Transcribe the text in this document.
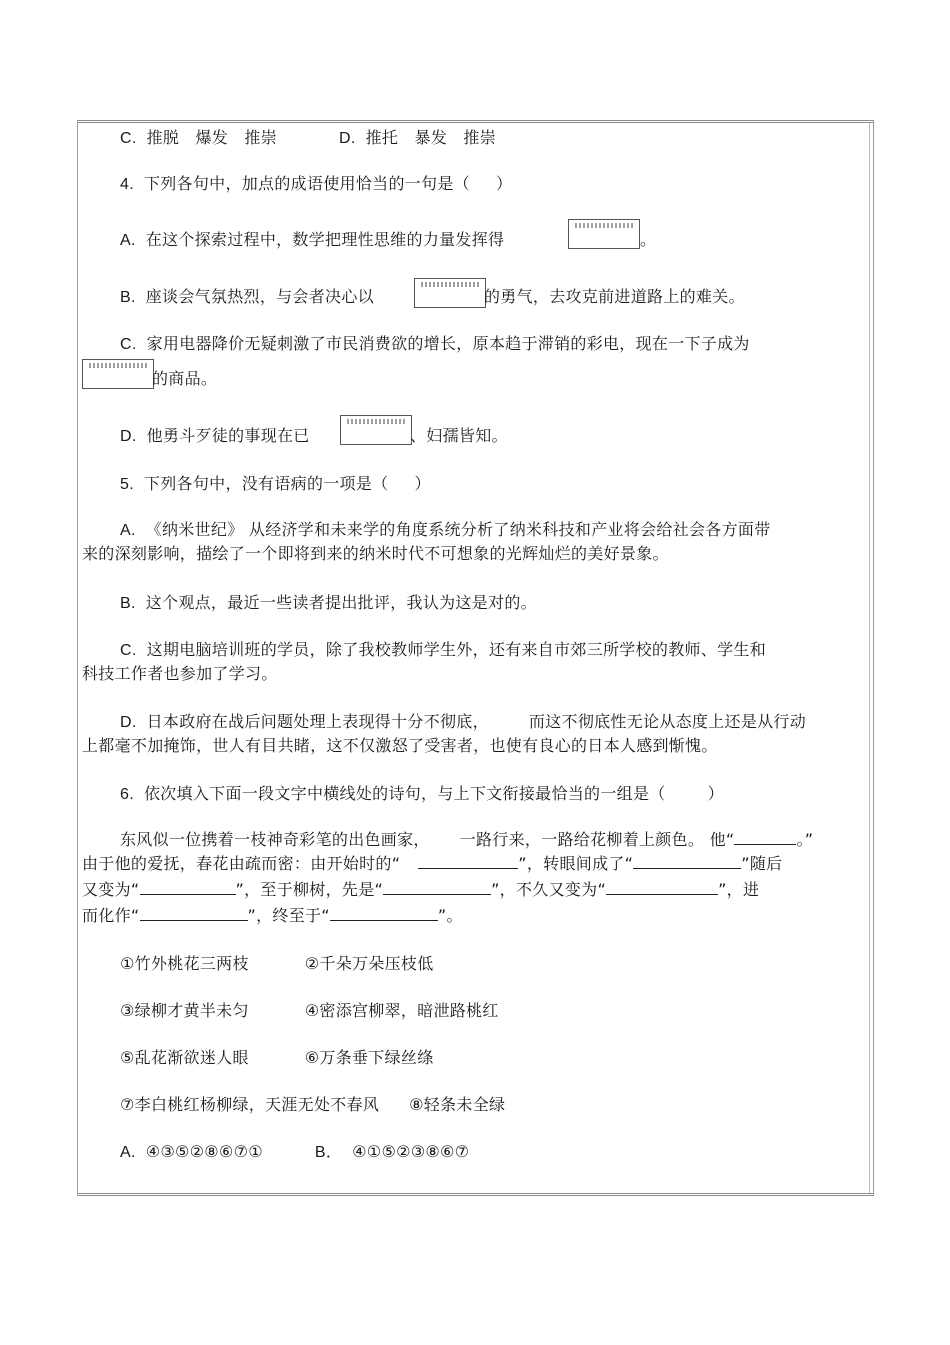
C. 推脱　爆发　推崇	D. 推托　暴发　推崇
4. 下列各句中，加点的成语使用恰当的一句是（ ）
A. 在这个探索过程中，数学把理性思维的力量发挥得	。
B. 座谈会气氛热烈，与会者决心以	的勇气，去攻克前进道路上的难关。
C. 家用电器降价无疑刺激了市民消费欲的增长，原本趋于滞销的彩电，现在一下子成为
的商品。
D. 他勇斗歹徒的事现在已	、妇孺皆知。
5. 下列各句中，没有语病的一项是（ ）
A. 《纳米世纪》 从经济学和未来学的角度系统分析了纳米科技和产业将会给社会各方面带
来的深刻影响，描绘了一个即将到来的纳米时代不可想象的光辉灿烂的美好景象。
B. 这个观点，最近一些读者提出批评，我认为这是对的。
C. 这期电脑培训班的学员，除了我校教师学生外，还有来自市郊三所学校的教师、学生和
科技工作者也参加了学习。
D. 日本政府在战后问题处理上表现得十分不彻底，	而这不彻底性无论从态度上还是从行动
上都毫不加掩饰，世人有目共睹，这不仅激怒了受害者，也使有良心的日本人感到惭愧。
6. 依次填入下面一段文字中横线处的诗句，与上下文衔接最恰当的一组是（	）
东风似一位携着一枝神奇彩笔的出色画家， 一路行来，一路给花柳着上颜色。 他“	。”
由于他的爱抚，春花由疏而密：由开始时的“	”，转眼间成了“	”随后
又变为“	”，至于柳树，先是“	”，不久又变为“	”，进
而化作“	”，终至于“	”。
①竹外桃花三两枝	②千朵万朵压枝低
③绿柳才黄半未匀	④密添宫柳翠，暗泄路桃红
⑤乱花渐欲迷人眼	⑥万条垂下绿丝绦
⑦李白桃红杨柳绿，天涯无处不春风 ⑧轻条未全绿
A. ④③⑤②⑧⑥⑦①	B． ④①⑤②③⑧⑥⑦
